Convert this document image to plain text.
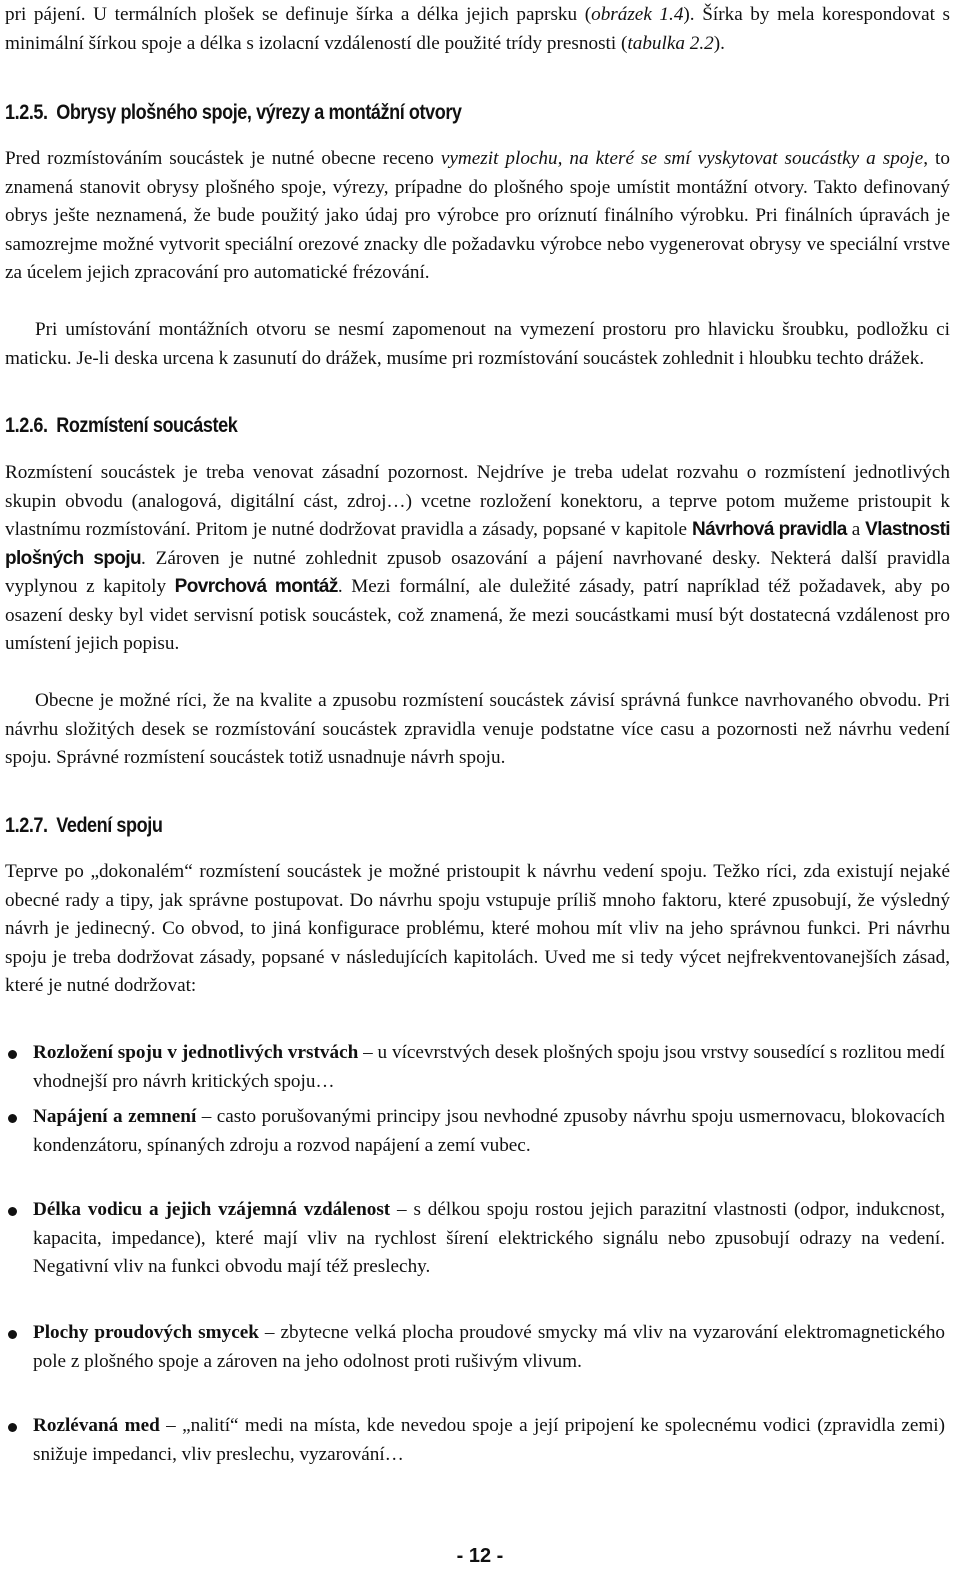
pri pájení. U termálních plošek se definuje šírka a délka jejich paprsku (obrázek 1.4). Šírka by mela korespondovat s minimální šírkou spoje a délka s izolacní vzdáleností dle použité trídy presnosti (tabulka 2.2).
1.2.5. Obrysy plošného spoje, výrezy a montážní otvory
Pred rozmístováním soucástek je nutné obecne receno vymezit plochu, na které se smí vyskytovat soucástky a spoje, to znamená stanovit obrysy plošného spoje, výrezy, prípadne do plošného spoje umístit montážní otvory. Takto definovaný obrys ješte neznamená, že bude použitý jako údaj pro výrobce pro oríznutí finálního výrobku. Pri finálních úpravách je samozrejme možné vytvorit speciální orezové znacky dle požadavku výrobce nebo vygenerovat obrysy ve speciální vrstve za úcelem jejich zpracování pro automatické frézování.
Pri umístování montážních otvoru se nesmí zapomenout na vymezení prostoru pro hlavicku šroubku, podložku ci maticku. Je-li deska urcena k zasunutí do drážek, musíme pri rozmístování soucástek zohlednit i hloubku techto drážek.
1.2.6. Rozmístení soucástek
Rozmístení soucástek je treba venovat zásadní pozornost. Nejdríve je treba udelat rozvahu o rozmístení jednotlivých skupin obvodu (analogová, digitální cást, zdroj…) vcetne rozložení konektoru, a teprve potom mužeme pristoupit k vlastnímu rozmístování. Pritom je nutné dodržovat pravidla a zásady, popsané v kapitole Návrhová pravidla a Vlastnosti plošných spoju. Zároven je nutné zohlednit zpusob osazování a pájení navrhované desky. Nekterá další pravidla vyplynou z kapitoly Povrchová montáž. Mezi formální, ale duležité zásady, patrí napríklad též požadavek, aby po osazení desky byl videt servisní potisk soucástek, což znamená, že mezi soucástkami musí být dostatecná vzdálenost pro umístení jejich popisu.
Obecne je možné ríci, že na kvalite a zpusobu rozmístení soucástek závisí správná funkce navrhovaného obvodu. Pri návrhu složitých desek se rozmístování soucástek zpravidla venuje podstatne více casu a pozornosti než návrhu vedení spoju. Správné rozmístení soucástek totiž usnadnuje návrh spoju.
1.2.7. Vedení spoju
Teprve po „dokonalém“ rozmístení soucástek je možné pristoupit k návrhu vedení spoju. Težko ríci, zda existují nejaké obecné rady a tipy, jak správne postupovat. Do návrhu spoju vstupuje príliš mnoho faktoru, které zpusobují, že výsledný návrh je jedinecný. Co obvod, to jiná konfigurace problému, které mohou mít vliv na jeho správnou funkci. Pri návrhu spoju je treba dodržovat zásady, popsané v následujících kapitolách. Uved me si tedy výcet nejfrekventovanejších zásad, které je nutné dodržovat:
Rozložení spoju v jednotlivých vrstvách – u vícevrstvých desek plošných spoju jsou vrstvy sousedící s rozlitou medí vhodnejší pro návrh kritických spoju…
Napájení a zemnení – casto porušovanými principy jsou nevhodné zpusoby návrhu spoju usmernovacu, blokovacích kondenzátoru, spínaných zdroju a rozvod napájení a zemí vubec.
Délka vodicu a jejich vzájemná vzdálenost – s délkou spoju rostou jejich parazitní vlastnosti (odpor, indukcnost, kapacita, impedance), které mají vliv na rychlost šírení elektrického signálu nebo zpusobují odrazy na vedení. Negativní vliv na funkci obvodu mají též preslechy.
Plochy proudových smycek – zbytecne velká plocha proudové smycky má vliv na vyzarování elektromagnetického pole z plošného spoje a zároven na jeho odolnost proti rušivým vlivum.
Rozlévaná med – „nalití“ medi na místa, kde nevedou spoje a její pripojení ke spolecnému vodici (zpravidla zemi) snižuje impedanci, vliv preslechu, vyzarování…
- 12 -
